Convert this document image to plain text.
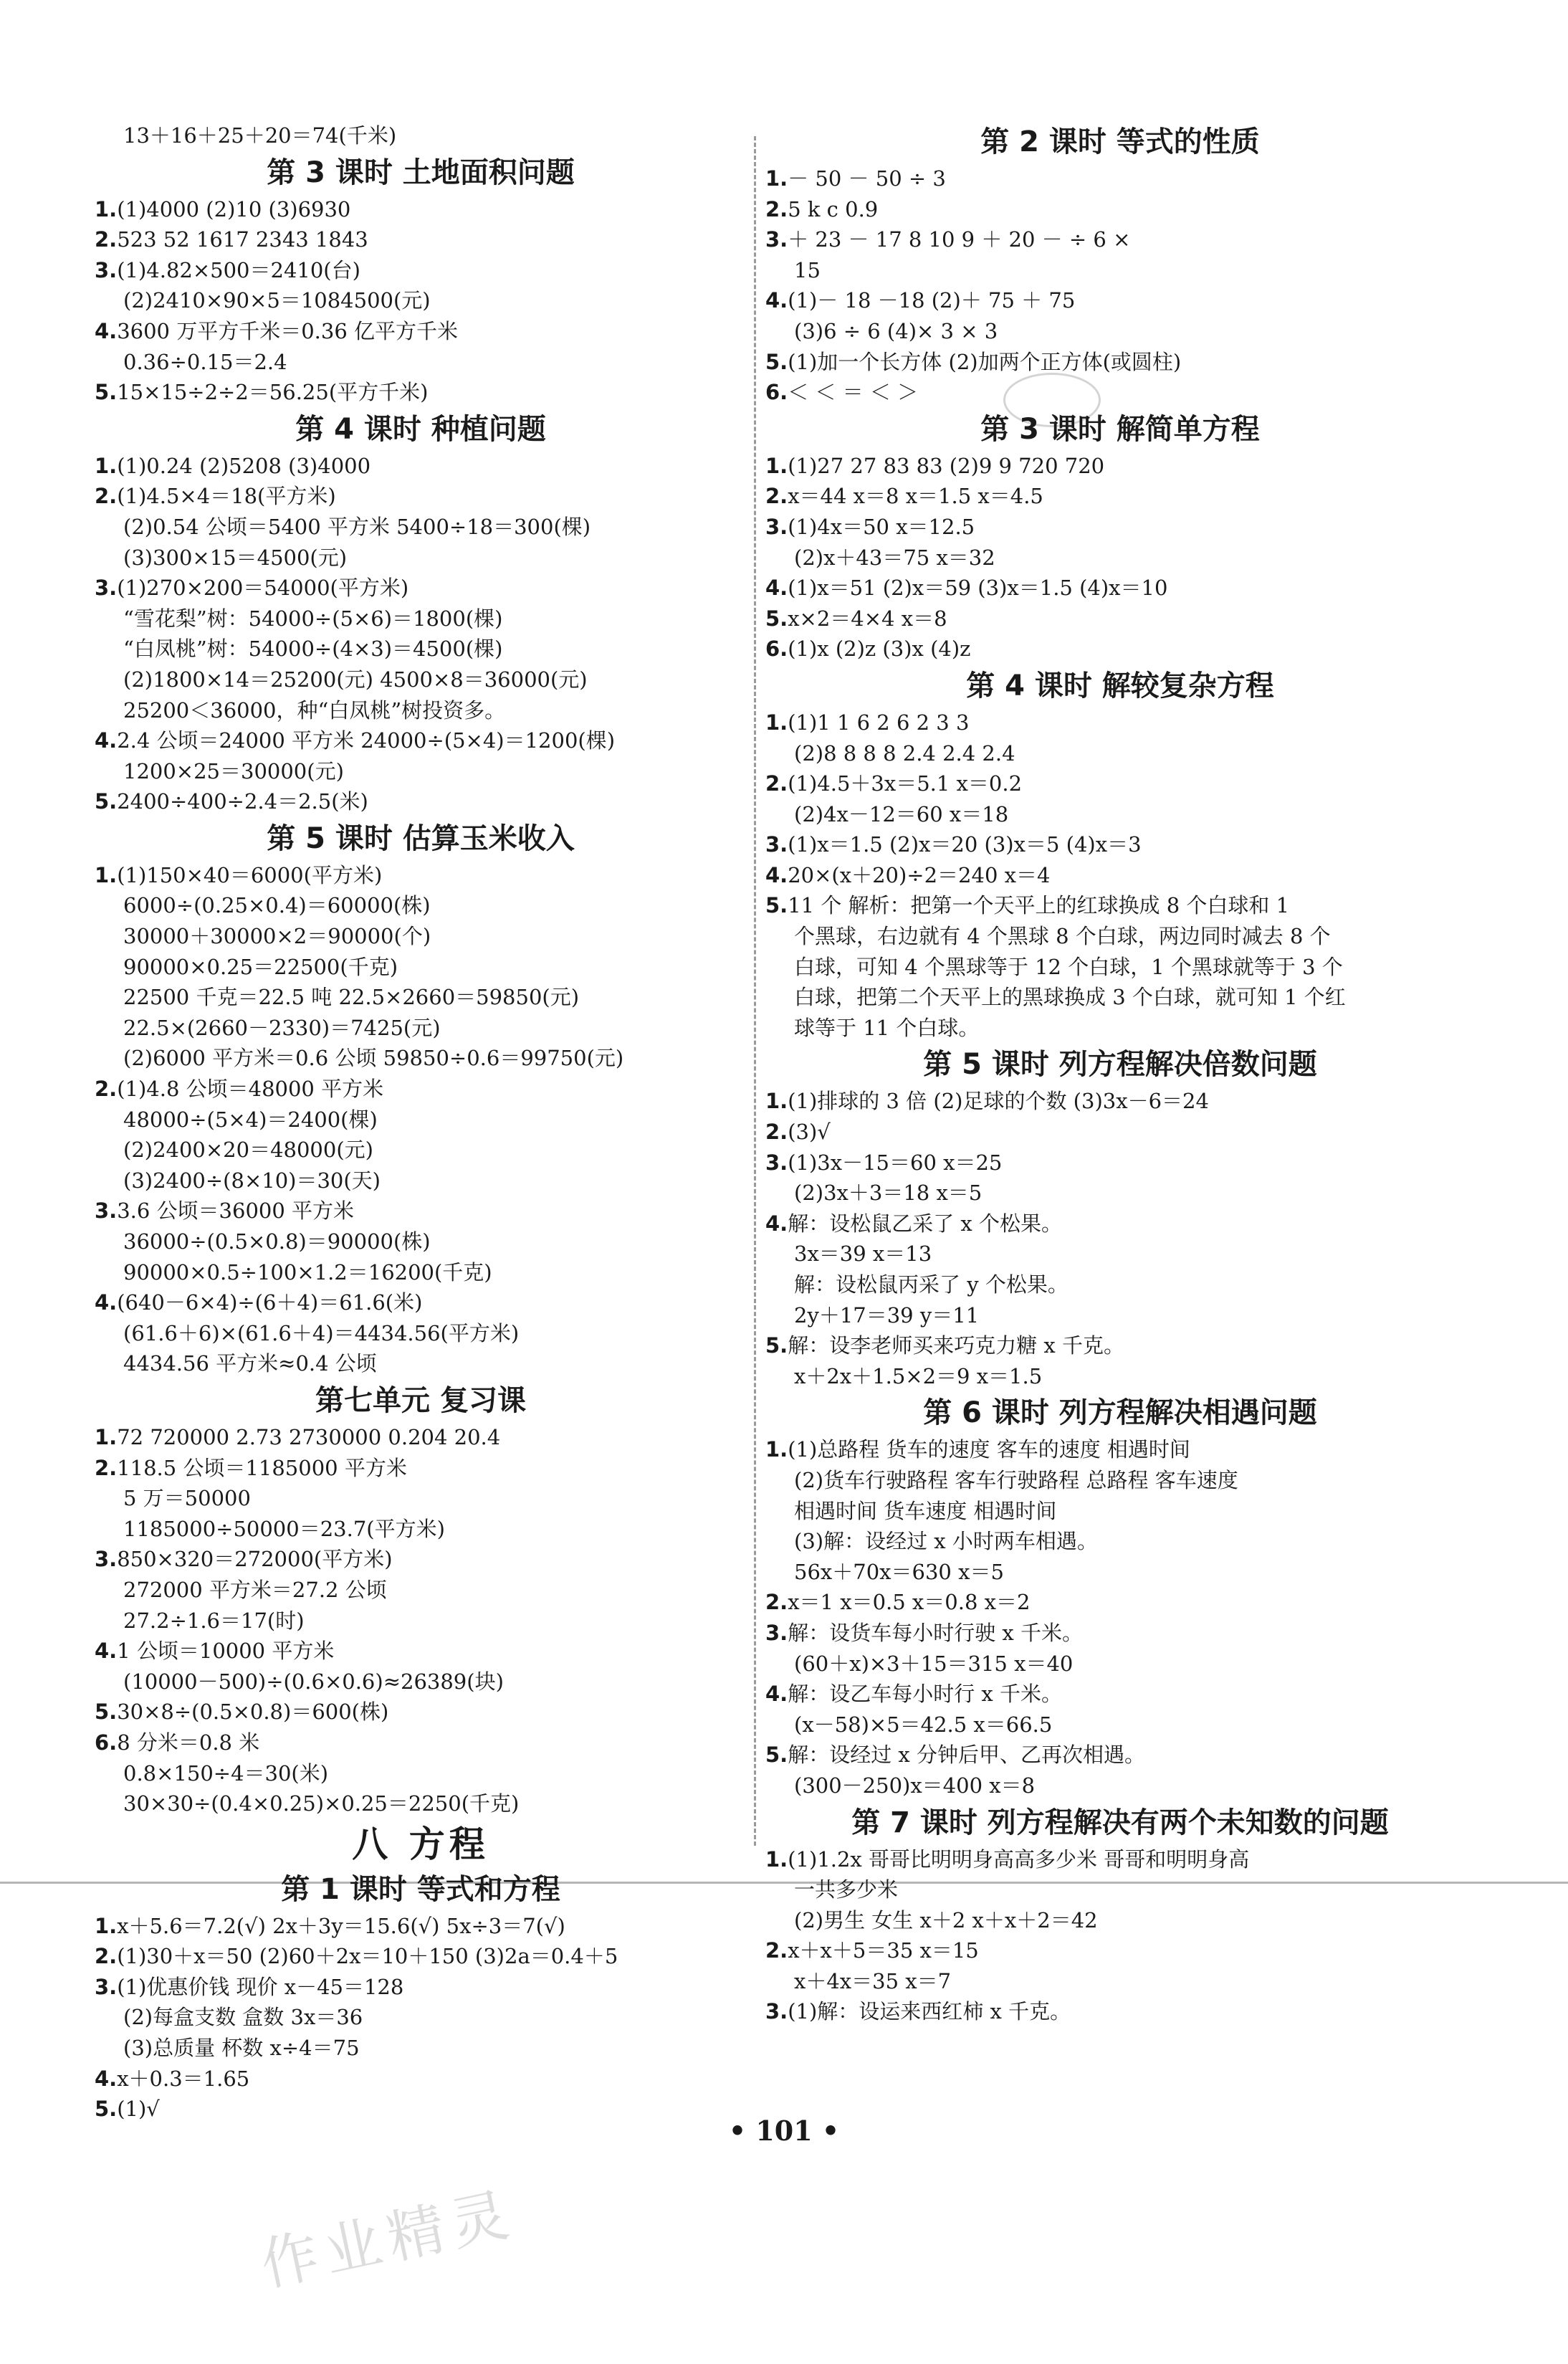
13＋16＋25＋20＝74(千米)
第 3 课时 土地面积问题
1.(1)4000 (2)10 (3)6930
2.523 52 1617 2343 1843
3.(1)4.82×500＝2410(台)
(2)2410×90×5＝1084500(元)
4.3600 万平方千米＝0.36 亿平方千米
0.36÷0.15＝2.4
5.15×15÷2÷2＝56.25(平方千米)
第 4 课时 种植问题
1.(1)0.24 (2)5208 (3)4000
2.(1)4.5×4＝18(平方米)
(2)0.54 公顷＝5400 平方米 5400÷18＝300(棵)
(3)300×15＝4500(元)
3.(1)270×200＝54000(平方米)
“雪花梨”树：54000÷(5×6)＝1800(棵)
“白凤桃”树：54000÷(4×3)＝4500(棵)
(2)1800×14＝25200(元) 4500×8＝36000(元)
25200＜36000，种“白凤桃”树投资多。
4.2.4 公顷＝24000 平方米 24000÷(5×4)＝1200(棵)
1200×25＝30000(元)
5.2400÷400÷2.4＝2.5(米)
第 5 课时 估算玉米收入
1.(1)150×40＝6000(平方米)
6000÷(0.25×0.4)＝60000(株)
30000＋30000×2＝90000(个)
90000×0.25＝22500(千克)
22500 千克＝22.5 吨 22.5×2660＝59850(元)
22.5×(2660－2330)＝7425(元)
(2)6000 平方米＝0.6 公顷 59850÷0.6＝99750(元)
2.(1)4.8 公顷＝48000 平方米
48000÷(5×4)＝2400(棵)
(2)2400×20＝48000(元)
(3)2400÷(8×10)＝30(天)
3.3.6 公顷＝36000 平方米
36000÷(0.5×0.8)＝90000(株)
90000×0.5÷100×1.2＝16200(千克)
4.(640－6×4)÷(6＋4)＝61.6(米)
(61.6＋6)×(61.6＋4)＝4434.56(平方米)
4434.56 平方米≈0.4 公顷
第七单元 复习课
1.72 720000 2.73 2730000 0.204 20.4
2.118.5 公顷＝1185000 平方米
5 万＝50000
1185000÷50000＝23.7(平方米)
3.850×320＝272000(平方米)
272000 平方米＝27.2 公顷
27.2÷1.6＝17(时)
4.1 公顷＝10000 平方米
(10000－500)÷(0.6×0.6)≈26389(块)
5.30×8÷(0.5×0.8)＝600(株)
6.8 分米＝0.8 米
0.8×150÷4＝30(米)
30×30÷(0.4×0.25)×0.25＝2250(千克)
八 方程
第 1 课时 等式和方程
1.x＋5.6＝7.2(√) 2x＋3y＝15.6(√) 5x÷3＝7(√)
2.(1)30＋x＝50 (2)60＋2x＝10＋150 (3)2a＝0.4＋5
3.(1)优惠价钱 现价 x－45＝128
(2)每盒支数 盒数 3x＝36
(3)总质量 杯数 x÷4＝75
4.x＋0.3＝1.65
5.(1)√
第 2 课时 等式的性质
1.－ 50 － 50 ÷ 3
2.5 k c 0.9
3.＋ 23 － 17 8 10 9 ＋ 20 － ÷ 6 ×
15
4.(1)－ 18 －18 (2)＋ 75 ＋ 75
(3)6 ÷ 6 (4)× 3 × 3
5.(1)加一个长方体 (2)加两个正方体(或圆柱)
6.＜ ＜ ＝ ＜ ＞
第 3 课时 解简单方程
1.(1)27 27 83 83 (2)9 9 720 720
2.x＝44 x＝8 x＝1.5 x＝4.5
3.(1)4x＝50 x＝12.5
(2)x＋43＝75 x＝32
4.(1)x＝51 (2)x＝59 (3)x＝1.5 (4)x＝10
5.x×2＝4×4 x＝8
6.(1)x (2)z (3)x (4)z
第 4 课时 解较复杂方程
1.(1)1 1 6 2 6 2 3 3
(2)8 8 8 8 2.4 2.4 2.4
2.(1)4.5＋3x＝5.1 x＝0.2
(2)4x－12＝60 x＝18
3.(1)x＝1.5 (2)x＝20 (3)x＝5 (4)x＝3
4.20×(x＋20)÷2＝240 x＝4
5.11 个 解析：把第一个天平上的红球换成 8 个白球和 1
个黑球，右边就有 4 个黑球 8 个白球，两边同时减去 8 个
白球，可知 4 个黑球等于 12 个白球，1 个黑球就等于 3 个
白球，把第二个天平上的黑球换成 3 个白球，就可知 1 个红
球等于 11 个白球。
第 5 课时 列方程解决倍数问题
1.(1)排球的 3 倍 (2)足球的个数 (3)3x－6＝24
2.(3)√
3.(1)3x－15＝60 x＝25
(2)3x＋3＝18 x＝5
4.解：设松鼠乙采了 x 个松果。
3x＝39 x＝13
解：设松鼠丙采了 y 个松果。
2y＋17＝39 y＝11
5.解：设李老师买来巧克力糖 x 千克。
x＋2x＋1.5×2＝9 x＝1.5
第 6 课时 列方程解决相遇问题
1.(1)总路程 货车的速度 客车的速度 相遇时间
(2)货车行驶路程 客车行驶路程 总路程 客车速度
相遇时间 货车速度 相遇时间
(3)解：设经过 x 小时两车相遇。
56x＋70x＝630 x＝5
2.x＝1 x＝0.5 x＝0.8 x＝2
3.解：设货车每小时行驶 x 千米。
(60＋x)×3＋15＝315 x＝40
4.解：设乙车每小时行 x 千米。
(x－58)×5＝42.5 x＝66.5
5.解：设经过 x 分钟后甲、乙再次相遇。
(300－250)x＝400 x＝8
第 7 课时 列方程解决有两个未知数的问题
1.(1)1.2x 哥哥比明明身高高多少米 哥哥和明明身高
一共多少米
(2)男生 女生 x＋2 x＋x＋2＝42
2.x＋x＋5＝35 x＝15
x＋4x＝35 x＝7
3.(1)解：设运来西红柿 x 千克。
• 101 •
作业精灵
